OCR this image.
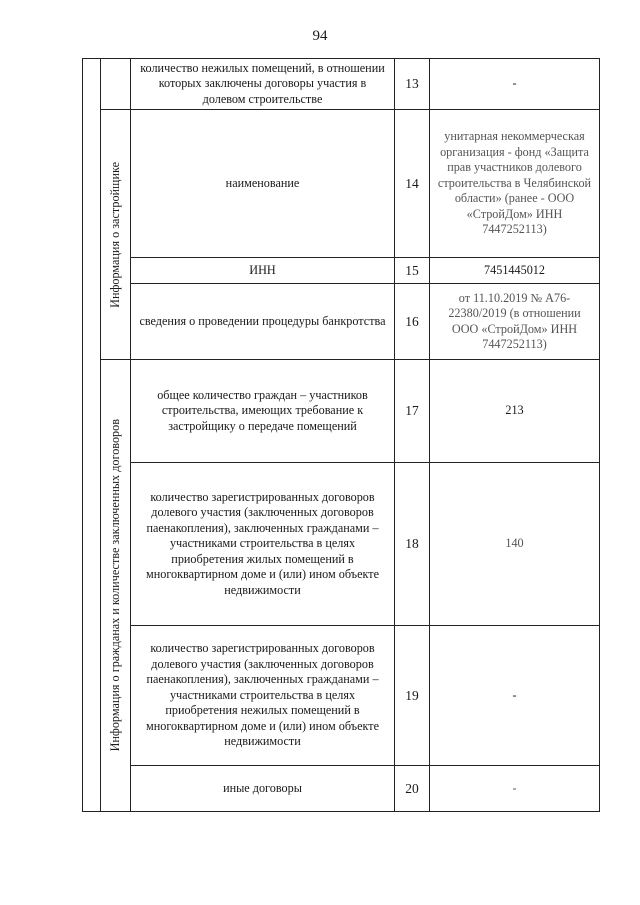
94
		количество нежилых помещений, в отношении которых заключены договоры участия в долевом строительстве	13	-

	Информация о застройщике	наименование	14	унитарная некоммерческая организация - фонд «Защита прав участников долевого строительства в Челябинской области» (ранее - ООО «СтройДом» ИНН 7447252113)
		ИНН	15	7451445012
		сведения о проведении процедуры банкротства	16	от 11.10.2019 № А76-22380/2019 (в отношении ООО «СтройДом» ИНН 7447252113)

	Информация о гражданах и количестве заключенных договоров	общее количество граждан – участников строительства, имеющих требование к застройщику о передаче помещений	17	213
		количество зарегистрированных договоров долевого участия (заключенных договоров паенакопления), заключенных гражданами – участниками строительства в целях приобретения жилых помещений в многоквартирном доме и (или) ином объекте недвижимости	18	140
		количество зарегистрированных договоров долевого участия (заключенных договоров паенакопления), заключенных гражданами – участниками строительства в целях приобретения нежилых помещений в многоквартирном доме и (или) ином объекте недвижимости	19	-
		иные договоры	20	-
